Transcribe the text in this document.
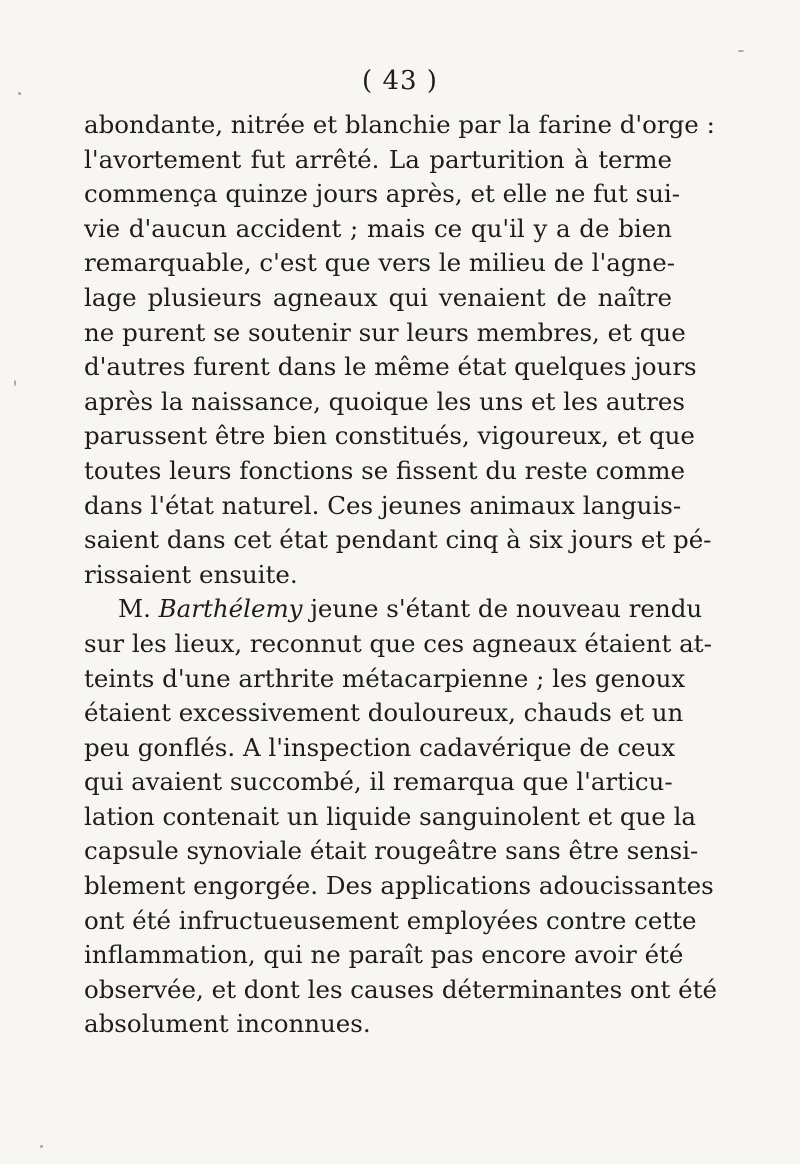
( 43 )
abondante, nitrée et blanchie par la farine d'orge :
l'avortement fut arrêté. La parturition à terme
commença quinze jours après, et elle ne fut sui-
vie d'aucun accident ; mais ce qu'il y a de bien
remarquable, c'est que vers le milieu de l'agne-
lage plusieurs agneaux qui venaient de naître
ne purent se soutenir sur leurs membres, et que
d'autres furent dans le même état quelques jours
après la naissance, quoique les uns et les autres
parussent être bien constitués, vigoureux, et que
toutes leurs fonctions se fissent du reste comme
dans l'état naturel. Ces jeunes animaux languis-
saient dans cet état pendant cinq à six jours et pé-
rissaient ensuite.
M. Barthélemy jeune s'étant de nouveau rendu
sur les lieux, reconnut que ces agneaux étaient at-
teints d'une arthrite métacarpienne ; les genoux
étaient excessivement douloureux, chauds et un
peu gonflés. A l'inspection cadavérique de ceux
qui avaient succombé, il remarqua que l'articu-
lation contenait un liquide sanguinolent et que la
capsule synoviale était rougeâtre sans être sensi-
blement engorgée. Des applications adoucissantes
ont été infructueusement employées contre cette
inflammation, qui ne paraît pas encore avoir été
observée, et dont les causes déterminantes ont été
absolument inconnues.
